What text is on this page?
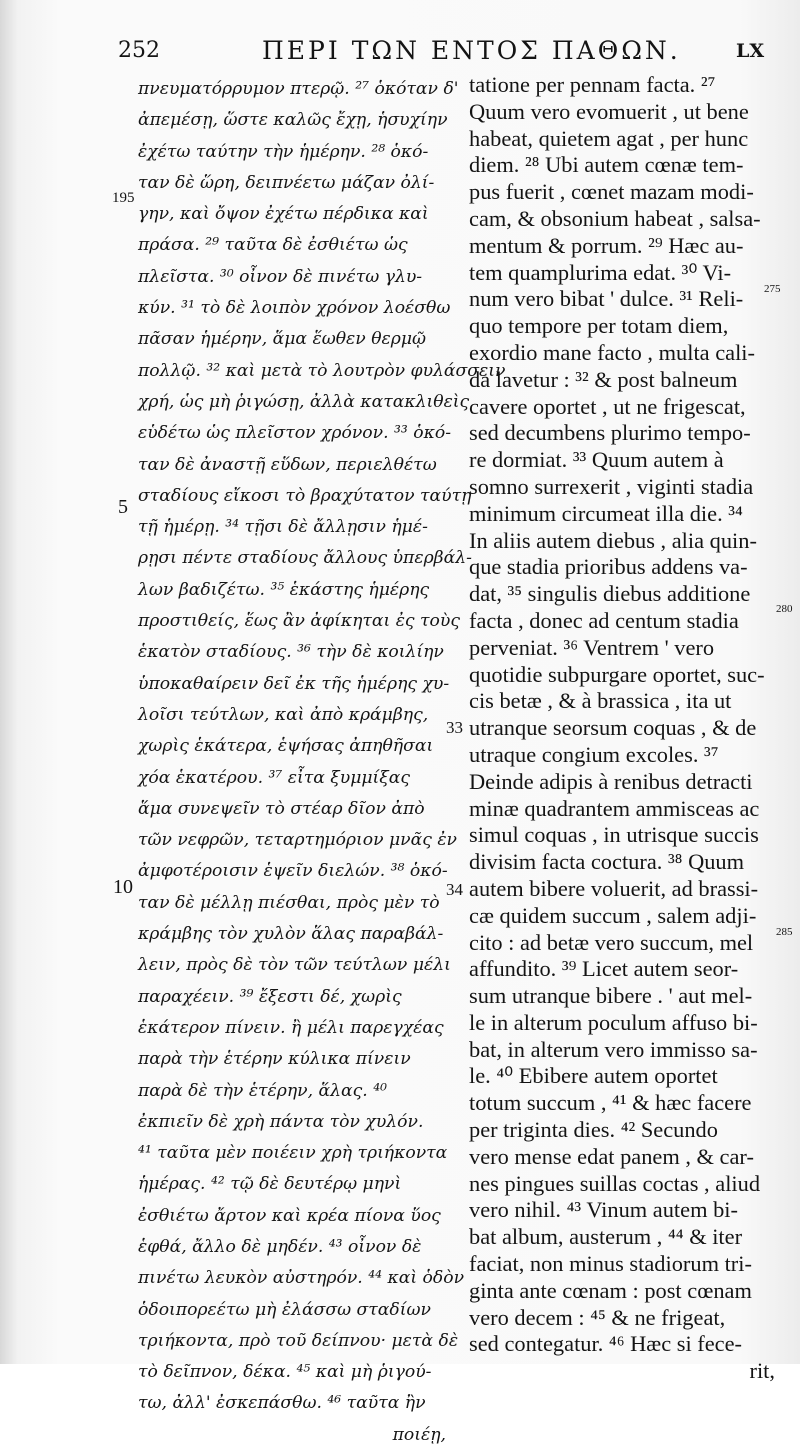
252	ΠΕΡΙ ΤΩΝ ΕΝΤΟΣ ΠΑΘΩΝ.	LX
195
5
10
275
280
285
33
34
πνευματόρρυμον πτερῷ. ²⁷ ὁκόταν δ'
ἀπεμέσῃ, ὥστε καλῶς ἔχῃ, ἡσυχίην
ἐχέτω ταύτην τὴν ἡμέρην. ²⁸ ὁκό-
ταν δὲ ὥρη, δειπνέετω μάζαν ὀλί-
γην, καὶ ὄψον ἐχέτω πέρδικα καὶ
πράσα. ²⁹ ταῦτα δὲ ἐσθιέτω ὡς
πλεῖστα. ³⁰ οἶνον δὲ πινέτω γλυ-
κύν. ³¹ τὸ δὲ λοιπὸν χρόνον λοέσθω
πᾶσαν ἡμέρην, ἅμα ἕωθεν θερμῷ
πολλῷ. ³² καὶ μετὰ τὸ λουτρὸν φυλάσσειν
χρή, ὡς μὴ ῥιγώσῃ, ἀλλὰ κατακλιθεὶς
εὑδέτω ὡς πλεῖστον χρόνον. ³³ ὁκό-
ταν δὲ ἀναστῇ εὕδων, περιελθέτω
σταδίους εἴκοσι τὸ βραχύτατον ταύτῃ
τῇ ἡμέρῃ. ³⁴ τῇσι δὲ ἄλλῃσιν ἡμέ-
ρῃσι πέντε σταδίους ἄλλους ὑπερβάλ-
λων βαδιζέτω. ³⁵ ἑκάστης ἡμέρης
προστιθείς, ἕως ἂν ἀφίκηται ἐς τοὺς
ἑκατὸν σταδίους. ³⁶ τὴν δὲ κοιλίην
ὑποκαθαίρειν δεῖ ἐκ τῆς ἡμέρης χυ-
λοῖσι τεύτλων, καὶ ἀπὸ κράμβης,
χωρὶς ἑκάτερα, ἑψήσας ἀπηθῆσαι
χόα ἑκατέρου. ³⁷ εἶτα ξυμμίξας
ἅμα συνεψεῖν τὸ στέαρ δῖον ἀπὸ
τῶν νεφρῶν, τεταρτημόριον μνᾶς ἐν
ἀμφοτέροισιν ἑψεῖν διελών. ³⁸ ὁκό-
ταν δὲ μέλλῃ πιέσθαι, πρὸς μὲν τὸ
κράμβης τὸν χυλὸν ἅλας παραβάλ-
λειν, πρὸς δὲ τὸν τῶν τεύτλων μέλι
παραχέειν. ³⁹ ἔξεστι δέ, χωρὶς
ἑκάτερον πίνειν. ἢ μέλι παρεγχέας
παρὰ τὴν ἑτέρην κύλικα πίνειν
παρὰ δὲ τὴν ἑτέρην, ἅλας. ⁴⁰
ἐκπιεῖν δὲ χρὴ πάντα τὸν χυλόν.
⁴¹ ταῦτα μὲν ποιέειν χρὴ τριήκοντα
ἡμέρας. ⁴² τῷ δὲ δευτέρῳ μηνὶ
ἐσθιέτω ἄρτον καὶ κρέα πίονα ὕος
ἑφθά, ἄλλο δὲ μηδέν. ⁴³ οἶνον δὲ
πινέτω λευκὸν αὐστηρόν. ⁴⁴ καὶ ὁδὸν
ὁδοιπορεέτω μὴ ἐλάσσω σταδίων
τριήκοντα, πρὸ τοῦ δείπνου· μετὰ δὲ
τὸ δεῖπνον, δέκα. ⁴⁵ καὶ μὴ ῥιγού-
τω, ἀλλ' ἐσκεπάσθω. ⁴⁶ ταῦτα ἢν
ποιέῃ,
tatione per pennam facta. ²⁷
Quum vero evomuerit , ut bene
habeat, quietem agat , per hunc
diem. ²⁸ Ubi autem cœnæ tem-
pus fuerit , cœnet mazam modi-
cam, & obsonium habeat , salsa-
mentum & porrum. ²⁹ Hæc au-
tem quamplurima edat. ³⁰ Vi-
num vero bibat ' dulce. ³¹ Reli-
quo tempore per totam diem,
exordio mane facto , multa cali-
da lavetur : ³² & post balneum
cavere oportet , ut ne frigescat,
sed decumbens plurimo tempo-
re dormiat. ³³ Quum autem à
somno surrexerit , viginti stadia
minimum circumeat illa die. ³⁴
In aliis autem diebus , alia quin-
que stadia prioribus addens va-
dat, ³⁵ singulis diebus additione
facta , donec ad centum stadia
perveniat. ³⁶ Ventrem ' vero
quotidie subpurgare oportet, suc-
cis betæ , & à brassica , ita ut
utranque seorsum coquas , & de
utraque congium excoles. ³⁷
Deinde adipis à renibus detracti
minæ quadrantem ammisceas ac
simul coquas , in utrisque succis
divisim facta coctura. ³⁸ Quum
autem bibere voluerit, ad brassi-
cæ quidem succum , salem adji-
cito : ad betæ vero succum, mel
affundito. ³⁹ Licet autem seor-
sum utranque bibere . ' aut mel-
le in alterum poculum affuso bi-
bat, in alterum vero immisso sa-
le. ⁴⁰ Ebibere autem oportet
totum succum , ⁴¹ & hæc facere
per triginta dies. ⁴² Secundo
vero mense edat panem , & car-
nes pingues suillas coctas , aliud
vero nihil. ⁴³ Vinum autem bi-
bat album, austerum , ⁴⁴ & iter
faciat, non minus stadiorum tri-
ginta ante cœnam : post cœnam
vero decem : ⁴⁵ & ne frigeat,
sed contegatur. ⁴⁶ Hæc si fece-
rit,
